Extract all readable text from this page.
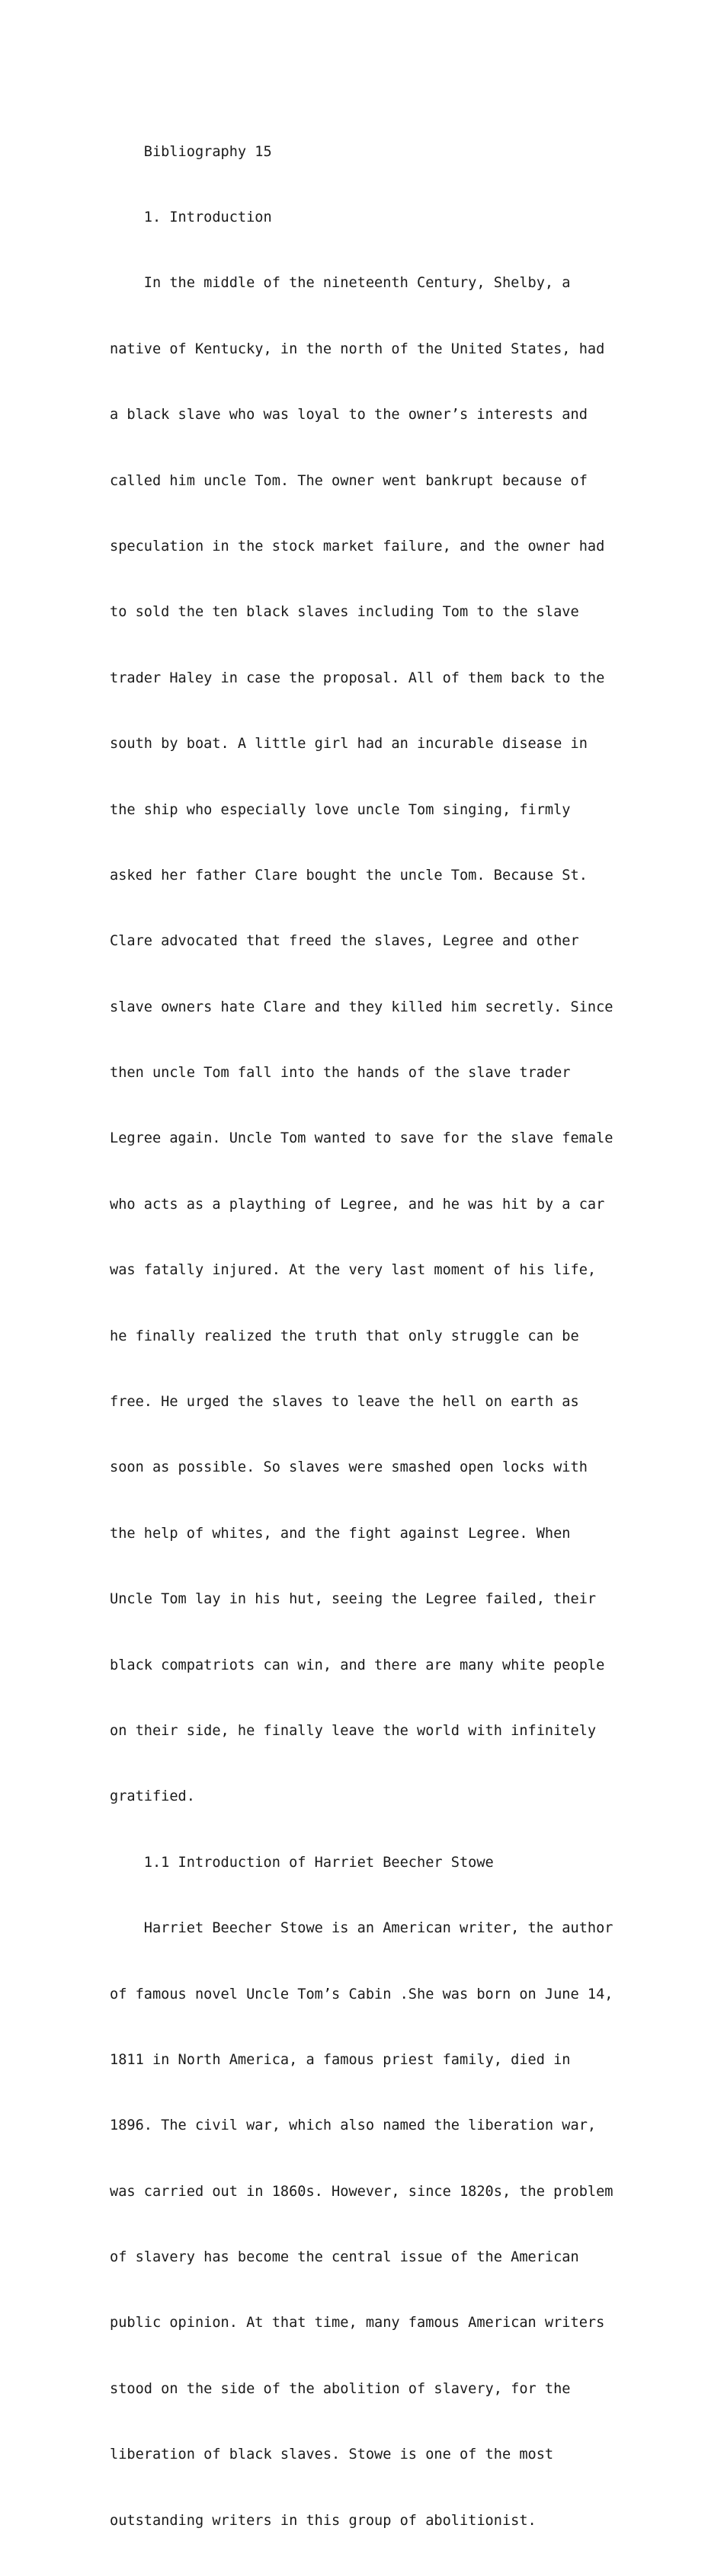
Bibliography 15

1. Introduction

In the middle of the nineteenth Century, Shelby, a

native of Kentucky, in the north of the United States, had

a black slave who was loyal to the owner’s interests and

called him uncle Tom. The owner went bankrupt because of

speculation in the stock market failure, and the owner had

to sold the ten black slaves including Tom to the slave

trader Haley in case the proposal. All of them back to the

south by boat. A little girl had an incurable disease in

the ship who especially love uncle Tom singing, firmly

asked her father Clare bought the uncle Tom. Because St.

Clare advocated that freed the slaves, Legree and other

slave owners hate Clare and they killed him secretly. Since

then uncle Tom fall into the hands of the slave trader

Legree again. Uncle Tom wanted to save for the slave female

who acts as a plaything of Legree, and he was hit by a car

was fatally injured. At the very last moment of his life,

he finally realized the truth that only struggle can be

free. He urged the slaves to leave the hell on earth as

soon as possible. So slaves were smashed open locks with

the help of whites, and the fight against Legree. When

Uncle Tom lay in his hut, seeing the Legree failed, their

black compatriots can win, and there are many white people

on their side, he finally leave the world with infinitely

gratified.

1.1 Introduction of Harriet Beecher Stowe

Harriet Beecher Stowe is an American writer, the author

of famous novel Uncle Tom’s Cabin .She was born on June 14,

1811 in North America, a famous priest family, died in

1896. The civil war, which also named the liberation war,

was carried out in 1860s. However, since 1820s, the problem

of slavery has become the central issue of the American

public opinion. At that time, many famous American writers

stood on the side of the abolition of slavery, for the

liberation of black slaves. Stowe is one of the most

outstanding writers in this group of abolitionist.
